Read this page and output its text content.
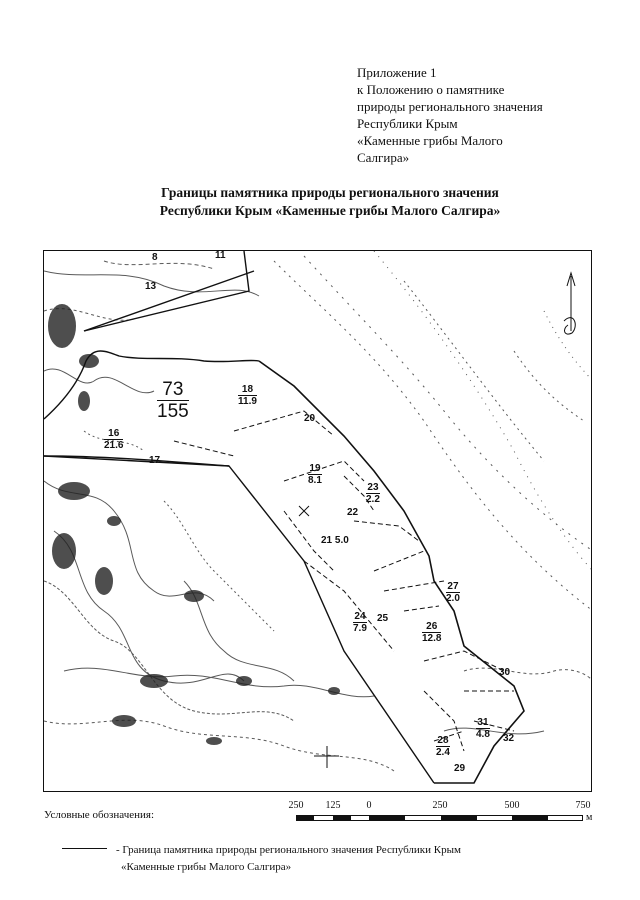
Приложение 1
к Положению о памятнике
природы регионального значения
Республики Крым
«Каменные грибы Малого
Салгира»
Границы памятника природы регионального значения
Республики Крым «Каменные грибы Малого Салгира»
$\frac{73}{155}$
8	11
13
$\frac{16}{21.6}$
17
$\frac{18}{11.9}$
$\frac{19}{8.1}$
20
21 5.0
22
$\frac{23}{2.2}$
$\frac{24}{7.9} 25$
$\frac{26}{12.8}$
$\frac{27}{2.0}$
$\frac{28}{2.4}$
29
30
$\frac{31}{4.8} 32$
Условные обозначения:
250 125	0	250	500	750
м
- Граница памятника природы регионального значения Республики Крым
«Каменные грибы Малого Салгира»
